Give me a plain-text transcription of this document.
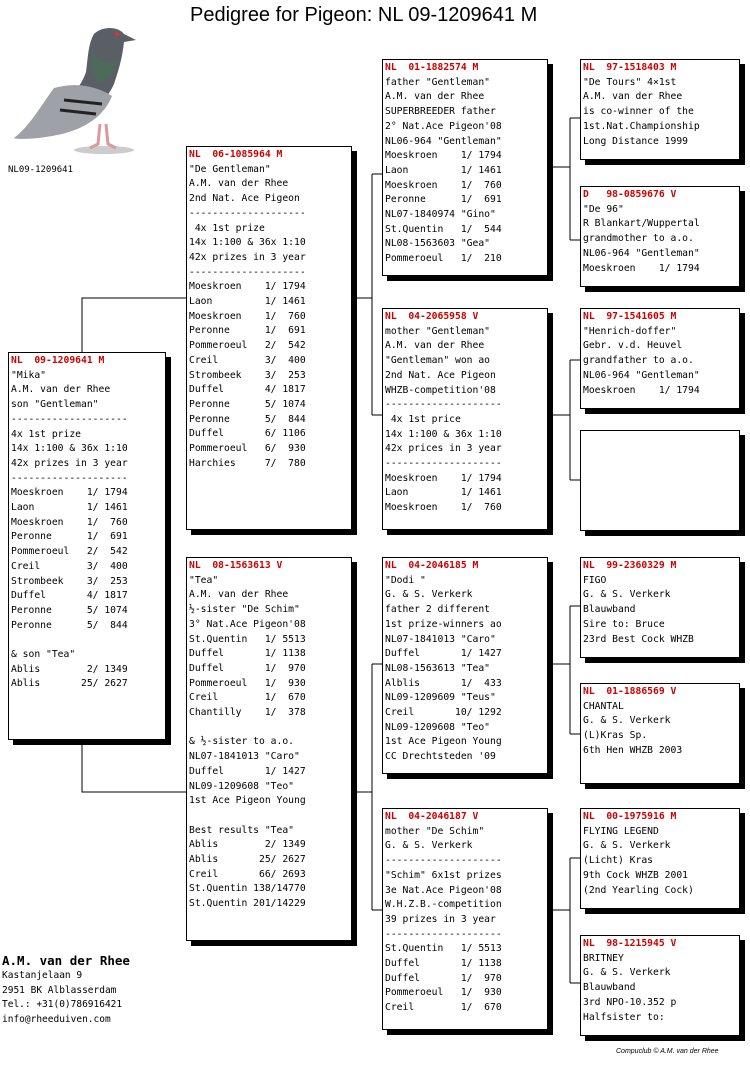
Pedigree for Pigeon: NL 09-1209641 M
NL09-1209641
NL  09-1209641 M
"Mika"
A.M. van der Rhee
son "Gentleman"
--------------------
4x 1st prize
14x 1:100 & 36x 1:10
42x prizes in 3 year
--------------------
Moeskroen    1/ 1794
Laon         1/ 1461
Moeskroen    1/  760
Peronne      1/  691
Pommeroeul   2/  542
Creil        3/  400
Strombeek    3/  253
Duffel       4/ 1817
Peronne      5/ 1074
Peronne      5/  844

& son "Tea"
Ablis        2/ 1349
Ablis       25/ 2627
NL  06-1085964 M
"De Gentleman"
A.M. van der Rhee
2nd Nat. Ace Pigeon
--------------------
4x 1st prize
14x 1:100 & 36x 1:10
42x prizes in 3 year
--------------------
Moeskroen    1/ 1794
Laon         1/ 1461
Moeskroen    1/  760
Peronne      1/  691
Pommeroeul   2/  542
Creil        3/  400
Strombeek    3/  253
Duffel       4/ 1817
Peronne      5/ 1074
Peronne      5/  844
Duffel       6/ 1106
Pommeroeul   6/  930
Harchies     7/  780
NL  08-1563613 V
"Tea"
A.M. van der Rhee
½-sister "De Schim"
3° Nat.Ace Pigeon'08
St.Quentin   1/ 5513
Duffel       1/ 1138
Duffel       1/  970
Pommeroeul   1/  930
Creil        1/  670
Chantilly    1/  378

& ½-sister to a.o.
NL07-1841013 "Caro"
Duffel       1/ 1427
NL09-1209608 "Teo"
1st Ace Pigeon Young

Best results "Tea"
Ablis        2/ 1349
Ablis       25/ 2627
Creil       66/ 2693
St.Quentin 138/14770
St.Quentin 201/14229
NL  01-1882574 M
father "Gentleman"
A.M. van der Rhee
SUPERBREEDER father
2° Nat.Ace Pigeon'08
NL06-964 "Gentleman"
Moeskroen    1/ 1794
Laon         1/ 1461
Moeskroen    1/  760
Peronne      1/  691
NL07-1840974 "Gino"
St.Quentin   1/  544
NL08-1563603 "Gea"
Pommeroeul   1/  210
NL  04-2065958 V
mother "Gentleman"
A.M. van der Rhee
"Gentleman" won ao
2nd Nat. Ace Pigeon
WHZB-competition'08
--------------------
4x 1st price
14x 1:100 & 36x 1:10
42x prices in 3 year
--------------------
Moeskroen    1/ 1794
Laon         1/ 1461
Moeskroen    1/  760
NL  04-2046185 M
"Dodi "
G. & S. Verkerk
father 2 different
1st prize-winners ao
NL07-1841013 "Caro"
Duffel       1/ 1427
NL08-1563613 "Tea"
Alblis       1/  433
NL09-1209609 "Teus"
Creil       10/ 1292
NL09-1209608 "Teo"
1st Ace Pigeon Young
CC Drechtsteden '09
NL  04-2046187 V
mother "De Schim"
G. & S. Verkerk
--------------------
"Schim" 6x1st prizes
3e Nat.Ace Pigeon'08
W.H.Z.B.-competition
39 prizes in 3 year
--------------------
St.Quentin   1/ 5513
Duffel       1/ 1138
Duffel       1/  970
Pommeroeul   1/  930
Creil        1/  670
NL  97-1518403 M
"De Tours" 4×1st
A.M. van der Rhee
is co-winner of the
1st.Nat.Championship
Long Distance 1999
D   98-0859676 V
"De 96"
R Blankart/Wuppertal
grandmother to a.o.
NL06-964 "Gentleman"
Moeskroen    1/ 1794
NL  97-1541605 M
"Henrich-doffer"
Gebr. v.d. Heuvel
grandfather to a.o.
NL06-964 "Gentleman"
Moeskroen    1/ 1794
NL  99-2360329 M
FIGO
G. & S. Verkerk
Blauwband
Sire to: Bruce
23rd Best Cock WHZB
NL  01-1886569 V
CHANTAL
G. & S. Verkerk
(L)Kras Sp.
6th Hen WHZB 2003
NL  00-1975916 M
FLYING LEGEND
G. & S. Verkerk
(Licht) Kras
9th Cock WHZB 2001
(2nd Yearling Cock)
NL  98-1215945 V
BRITNEY
G. & S. Verkerk
Blauwband
3rd NPO-10.352 p
Halfsister to:
A.M. van der Rhee
Kastanjelaan 9
2951 BK Alblasserdam
Tel.: +31(0)786916421
info@rheeduiven.com
Compuclub © A.M. van der Rhee
